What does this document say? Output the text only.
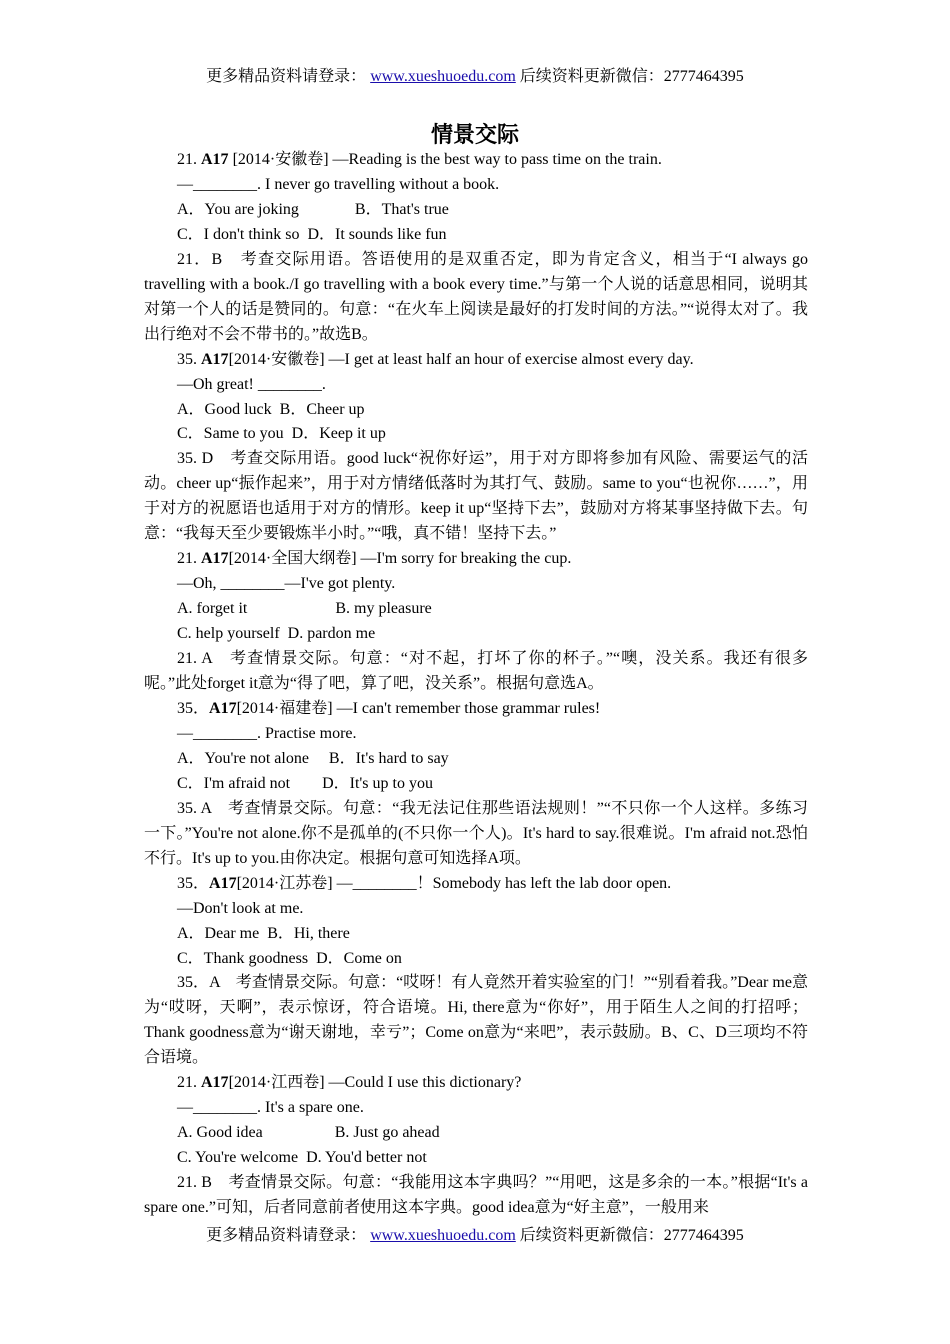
更多精品资料请登录： www.xueshuoedu.com 后续资料更新微信：2777464395
情景交际

21. A17 [2014·安徽卷] —Reading is the best way to pass time on the train.

—________. I never go travelling without a book.

A．You are joking              B．That's true

C．I don't think so  D．It sounds like fun

21．B　考查交际用语。答语使用的是双重否定，即为肯定含义，相当于“I always go travelling with a book./I go travelling with a book every time.”与第一个人说的话意思相同，说明其对第一个人的话是赞同的。句意：“在火车上阅读是最好的打发时间的方法。”“说得太对了。我出行绝对不会不带书的。”故选B。

35. A17[2014·安徽卷] —I get at least half an hour of exercise almost every day.

—Oh great! ________.

A．Good luck  B．Cheer up

C．Same to you  D．Keep it up

35. D　考查交际用语。good luck“祝你好运”，用于对方即将参加有风险、需要运气的活动。cheer up“振作起来”，用于对方情绪低落时为其打气、鼓励。same to you“也祝你……”，用于对方的祝愿语也适用于对方的情形。keep it up“坚持下去”，鼓励对方将某事坚持做下去。句意：“我每天至少要锻炼半小时。”“哦，真不错！坚持下去。”

21. A17[2014·全国大纲卷] —I'm sorry for breaking the cup.

—Oh, ________—I've got plenty.

A. forget it                      B. my pleasure

C. help yourself  D. pardon me

21. A　考查情景交际。句意：“对不起，打坏了你的杯子。”“噢，没关系。我还有很多呢。”此处forget it意为“得了吧，算了吧，没关系”。根据句意选A。

35．A17[2014·福建卷] —I can't remember those grammar rules!

—________. Practise more.

A．You're not alone     B．It's hard to say

C．I'm afraid not        D．It's up to you

35. A　考查情景交际。句意：“我无法记住那些语法规则！”“不只你一个人这样。多练习一下。”You're not alone.你不是孤单的(不只你一个人)。It's hard to say.很难说。I'm afraid not.恐怕不行。It's up to you.由你决定。根据句意可知选择A项。

35．A17[2014·江苏卷] —________！Somebody has left the lab door open.

—Don't look at me.

A．Dear me  B．Hi, there

C．Thank goodness  D．Come on

35．A　考查情景交际。句意：“哎呀！有人竟然开着实验室的门！”“别看着我。”Dear me意为“哎呀，天啊”，表示惊讶，符合语境。Hi, there意为“你好”，用于陌生人之间的打招呼；Thank goodness意为“谢天谢地，幸亏”；Come on意为“来吧”，表示鼓励。B、C、D三项均不符合语境。

21. A17[2014·江西卷] —Could I use this dictionary?

—________. It's a spare one.

A. Good idea                  B. Just go ahead

C. You're welcome  D. You'd better not

21. B　考查情景交际。句意：“我能用这本字典吗？”“用吧，这是多余的一本。”根据“It's a spare one.”可知，后者同意前者使用这本字典。good idea意为“好主意”，一般用来

更多精品资料请登录： www.xueshuoedu.com 后续资料更新微信：2777464395
